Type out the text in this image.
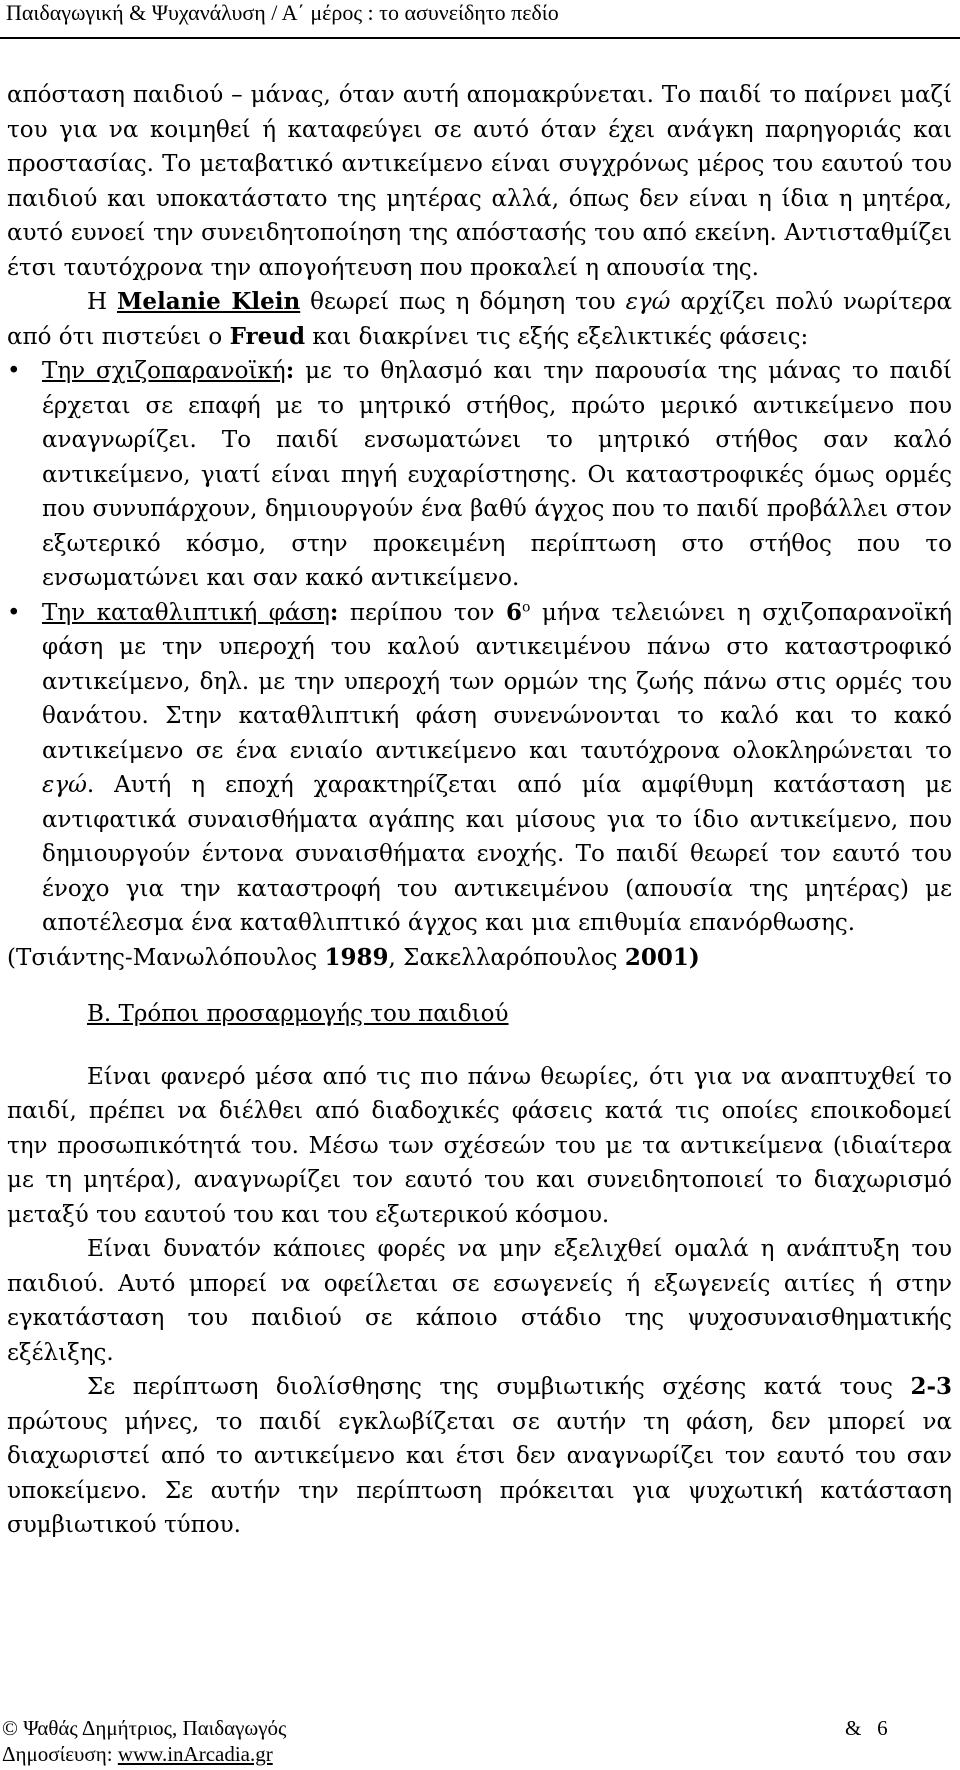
Παιδαγωγική & Ψυχανάλυση / Α΄ μέρος : το ασυνείδητο πεδίο

απόσταση παιδιού – μάνας, όταν αυτή απομακρύνεται. Το παιδί το παίρνει μαζί του για να κοιμηθεί ή καταφεύγει σε αυτό όταν έχει ανάγκη παρηγοριάς και προστασίας. Το μεταβατικό αντικείμενο είναι συγχρόνως μέρος του εαυτού του παιδιού και υποκατάστατο της μητέρας αλλά, όπως δεν είναι η ίδια η μητέρα, αυτό ευνοεί την συνειδητοποίηση της απόστασής του από εκείνη. Αντισταθμίζει έτσι ταυτόχρονα την απογοήτευση που προκαλεί η απουσία της.

Η Melanie Klein θεωρεί πως η δόμηση του εγώ αρχίζει πολύ νωρίτερα από ότι πιστεύει ο Freud και διακρίνει τις εξής εξελικτικές φάσεις:

• Την σχιζοπαρανοϊκή: με το θηλασμό και την παρουσία της μάνας το παιδί έρχεται σε επαφή με το μητρικό στήθος, πρώτο μερικό αντικείμενο που αναγνωρίζει. Το παιδί ενσωματώνει το μητρικό στήθος σαν καλό αντικείμενο, γιατί είναι πηγή ευχαρίστησης. Οι καταστροφικές όμως ορμές που συνυπάρχουν, δημιουργούν ένα βαθύ άγχος που το παιδί προβάλλει στον εξωτερικό κόσμο, στην προκειμένη περίπτωση στο στήθος που το ενσωματώνει και σαν κακό αντικείμενο.
• Την καταθλιπτική φάση: περίπου τον $6^o$ μήνα τελειώνει η σχιζοπαρανοϊκή φάση με την υπεροχή του καλού αντικειμένου πάνω στο καταστροφικό αντικείμενο, δηλ. με την υπεροχή των ορμών της ζωής πάνω στις ορμές του θανάτου. Στην καταθλιπτική φάση συνενώνονται το καλό και το κακό αντικείμενο σε ένα ενιαίο αντικείμενο και ταυτόχρονα ολοκληρώνεται το εγώ. Αυτή η εποχή χαρακτηρίζεται από μία αμφίθυμη κατάσταση με αντιφατικά συναισθήματα αγάπης και μίσους για το ίδιο αντικείμενο, που δημιουργούν έντονα συναισθήματα ενοχής. Το παιδί θεωρεί τον εαυτό του ένοχο για την καταστροφή του αντικειμένου (απουσία της μητέρας) με αποτέλεσμα ένα καταθλιπτικό άγχος και μια επιθυμία επανόρθωσης.

(Τσιάντης-Μανωλόπουλος 1989, Σακελλαρόπουλος 2001)

Β. Τρόποι προσαρμογής του παιδιού

Είναι φανερό μέσα από τις πιο πάνω θεωρίες, ότι για να αναπτυχθεί το παιδί, πρέπει να διέλθει από διαδοχικές φάσεις κατά τις οποίες εποικοδομεί την προσωπικότητά του. Μέσω των σχέσεών του με τα αντικείμενα (ιδιαίτερα με τη μητέρα), αναγνωρίζει τον εαυτό του και συνειδητοποιεί το διαχωρισμό μεταξύ του εαυτού του και του εξωτερικού κόσμου.

Είναι δυνατόν κάποιες φορές να μην εξελιχθεί ομαλά η ανάπτυξη του παιδιού. Αυτό μπορεί να οφείλεται σε εσωγενείς ή εξωγενείς αιτίες ή στην εγκατάσταση του παιδιού σε κάποιο στάδιο της ψυχοσυναισθηματικής εξέλιξης.

Σε περίπτωση διολίσθησης της συμβιωτικής σχέσης κατά τους 2-3 πρώτους μήνες, το παιδί εγκλωβίζεται σε αυτήν τη φάση, δεν μπορεί να διαχωριστεί από το αντικείμενο και έτσι δεν αναγνωρίζει τον εαυτό του σαν υποκείμενο. Σε αυτήν την περίπτωση πρόκειται για ψυχωτική κατάσταση συμβιωτικού τύπου.

© Ψαθάς Δημήτριος, Παιδαγωγός
Δημοσίευση: www.inArcadia.gr
& 6
